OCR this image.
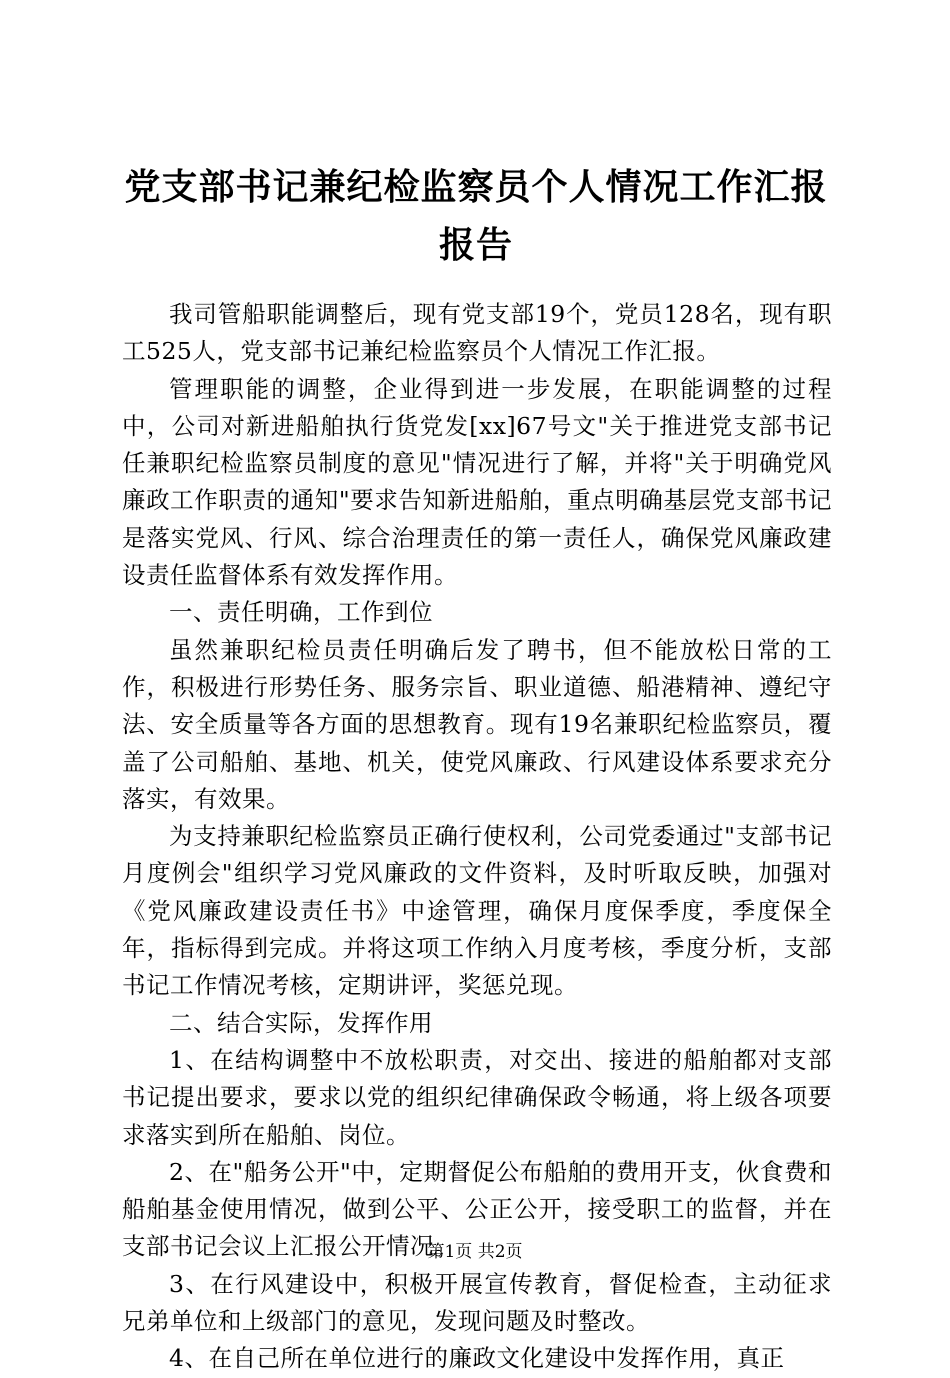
党支部书记兼纪检监察员个人情况工作汇报报告

我司管船职能调整后，现有党支部19个，党员128名，现有职工525人，党支部书记兼纪检监察员个人情况工作汇报。

管理职能的调整，企业得到进一步发展，在职能调整的过程中，公司对新进船舶执行货党发[xx]67号文"关于推进党支部书记任兼职纪检监察员制度的意见"情况进行了解，并将"关于明确党风廉政工作职责的通知"要求告知新进船舶，重点明确基层党支部书记是落实党风、行风、综合治理责任的第一责任人，确保党风廉政建设责任监督体系有效发挥作用。

一、责任明确，工作到位

虽然兼职纪检员责任明确后发了聘书，但不能放松日常的工作，积极进行形势任务、服务宗旨、职业道德、船港精神、遵纪守法、安全质量等各方面的思想教育。现有19名兼职纪检监察员，覆盖了公司船舶、基地、机关，使党风廉政、行风建设体系要求充分落实，有效果。

为支持兼职纪检监察员正确行使权利，公司党委通过"支部书记月度例会"组织学习党风廉政的文件资料，及时听取反映，加强对《党风廉政建设责任书》中途管理，确保月度保季度，季度保全年，指标得到完成。并将这项工作纳入月度考核，季度分析，支部书记工作情况考核，定期讲评，奖惩兑现。

二、结合实际，发挥作用

1、在结构调整中不放松职责，对交出、接进的船舶都对支部书记提出要求，要求以党的组织纪律确保政令畅通，将上级各项要求落实到所在船舶、岗位。

2、在"船务公开"中，定期督促公布船舶的费用开支，伙食费和船舶基金使用情况，做到公平、公正公开，接受职工的监督，并在支部书记会议上汇报公开情况。

3、在行风建设中，积极开展宣传教育，督促检查，主动征求兄弟单位和上级部门的意见，发现问题及时整改。

4、在自己所在单位进行的廉政文化建设中发挥作用，真正

第1页 共2页
